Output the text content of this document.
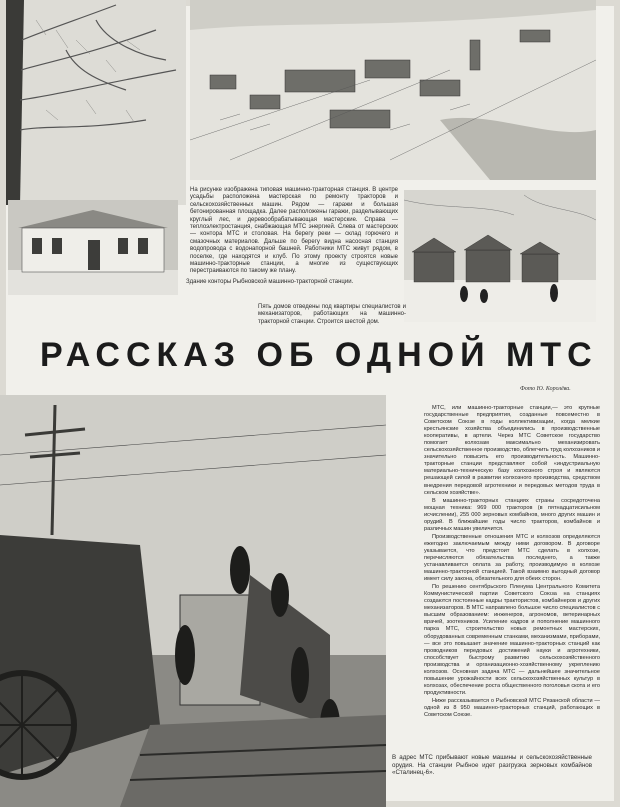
На рисунке изображена типовая машинно-тракторная станция. В центре усадьбы расположена мастерская по ремонту тракторов и сельскохозяйственных машин. Рядом — гаражи и большая бетонированная площадка. Далее расположены гаражи, разделывающих круглый лес, и деревообрабатывающая мастерские. Справа — теплоэлектростанция, снабжающая МТС энергией. Слева от мастерских — контора МТС и столовая. На берегу реки — склад горючего и смазочных материалов. Дальше по берегу видна насосная станция водопровода с водонапорной башней. Работники МТС живут рядом, в поселке, где находятся и клуб. По этому проекту строятся новые машинно-тракторные станции, а многие из существующих перестраиваются по такому же плану.
Здание конторы Рыбновской машинно-тракторной станции.
Пять домов отведены под квартиры специалистов и механизаторов, работающих на машинно-тракторной станции. Строится шестой дом.
РАССКАЗ ОБ ОДНОЙ МТС
Фото Ю. Королёва.
В адрес МТС прибывают новые машины и сельскохозяйственные орудия. На станции Рыбное идет разгрузка зерновых комбайнов «Сталинец-6».

МТС, или машинно-тракторные станции,— это крупные государственные предприятия, созданные повсеместно в Советском Союзе в годы коллективизации, когда мелкие крестьянские хозяйства объединились в производственные кооперативы, в артели. Через МТС Советское государство помогает колхозам максимально механизировать сельскохозяйственное производство, облегчить труд колхозников и значительно повысить его производительность. Машинно-тракторные станции представляют собой «индустриальную материально-техническую базу колхозного строя и являются решающей силой в развитии колхозного производства, средством внедрения передовой агротехники и передовых методов труда в сельском хозяйстве».

В машинно-тракторных станциях страны сосредоточена мощная техника: 969 000 тракторов (в пятнадцатисильном исчислении), 255 000 зерновых комбайнов, много других машин и орудий. В ближайшие годы число тракторов, комбайнов и различных машин увеличится.

Производственные отношения МТС и колхозов определяются ежегодно заключаемым между ними договором. В договоре указывается, что предстоит МТС сделать в колхозе, перечисляются обязательства последнего, а также устанавливается оплата за работу, производимую в колхозе машинно-тракторной станцией. Такой взаимно выгодный договор имеет силу закона, обязательного для обеих сторон.

По решению сентябрьского Пленума Центрального Комитета Коммунистической партии Советского Союза на станциях создаются постоянные кадры трактористов, комбайнеров и других механизаторов. В МТС направлено большое число специалистов с высшим образованием: инженеров, агрономов, ветеринарных врачей, зоотехников. Усиление кадров и пополнение машинного парка МТС, строительство новых ремонтных мастерских, оборудованных современным станками, механизмами, приборами,— все это повышает значение машинно-тракторных станций как проводников передовых достижений науки и агротехники, способствует быстрому развитию сельскохозяйственного производства и организационно-хозяйственному укреплению колхозов. Основная задача МТС — дальнейшее значительное повышение урожайности всех сельскохозяйственных культур в колхозах, обеспечение роста общественного поголовья скота и его продуктивности.

Ниже рассказывается о Рыбновской МТС Рязанской области — одной из 8 950 машинно-тракторных станций, работающих в Советском Союзе.
